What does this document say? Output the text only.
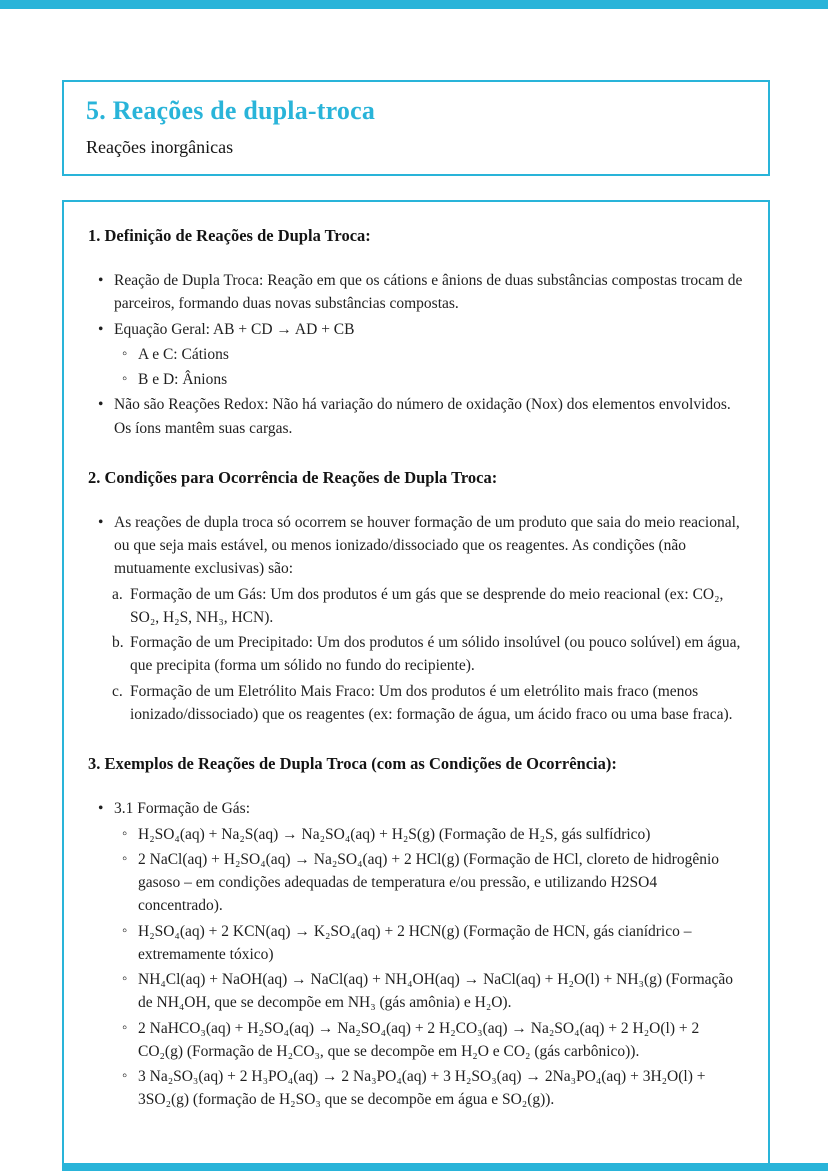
5. Reações de dupla-troca
Reações inorgânicas
1. Definição de Reações de Dupla Troca:
• Reação de Dupla Troca: Reação em que os cátions e ânions de duas substâncias compostas trocam de parceiros, formando duas novas substâncias compostas.
• Equação Geral: AB + CD → AD + CB
◦ A e C: Cátions
◦ B e D: Ânions
• Não são Reações Redox: Não há variação do número de oxidação (Nox) dos elementos envolvidos. Os íons mantêm suas cargas.
2. Condições para Ocorrência de Reações de Dupla Troca:
• As reações de dupla troca só ocorrem se houver formação de um produto que saia do meio reacional, ou que seja mais estável, ou menos ionizado/dissociado que os reagentes. As condições (não mutuamente exclusivas) são:
a. Formação de um Gás: Um dos produtos é um gás que se desprende do meio reacional (ex: CO₂, SO₂, H₂S, NH₃, HCN).
b. Formação de um Precipitado: Um dos produtos é um sólido insolúvel (ou pouco solúvel) em água, que precipita (forma um sólido no fundo do recipiente).
c. Formação de um Eletrólito Mais Fraco: Um dos produtos é um eletrólito mais fraco (menos ionizado/dissociado) que os reagentes (ex: formação de água, um ácido fraco ou uma base fraca).
3. Exemplos de Reações de Dupla Troca (com as Condições de Ocorrência):
• 3.1 Formação de Gás:
◦ H₂SO₄(aq) + Na₂S(aq) → Na₂SO₄(aq) + H₂S(g) (Formação de H₂S, gás sulfídrico)
◦ 2 NaCl(aq) + H₂SO₄(aq) → Na₂SO₄(aq) + 2 HCl(g) (Formação de HCl, cloreto de hidrogênio gasoso – em condições adequadas de temperatura e/ou pressão, e utilizando H2SO4 concentrado).
◦ H₂SO₄(aq) + 2 KCN(aq) → K₂SO₄(aq) + 2 HCN(g) (Formação de HCN, gás cianídrico – extremamente tóxico)
◦ NH₄Cl(aq) + NaOH(aq) → NaCl(aq) + NH₄OH(aq) → NaCl(aq) + H₂O(l) + NH₃(g) (Formação de NH₄OH, que se decompõe em NH₃ (gás amônia) e H₂O).
◦ 2 NaHCO₃(aq) + H₂SO₄(aq) → Na₂SO₄(aq) + 2 H₂CO₃(aq) → Na₂SO₄(aq) + 2 H₂O(l) + 2 CO₂(g) (Formação de H₂CO₃, que se decompõe em H₂O e CO₂ (gás carbônico)).
◦ 3 Na₂SO₃(aq) + 2 H₃PO₄(aq) → 2 Na₃PO₄(aq) + 3 H₂SO₃(aq) → 2Na₃PO₄(aq) + 3H₂O(l) + 3SO₂(g) (formação de H₂SO₃ que se decompõe em água e SO₂(g)).
